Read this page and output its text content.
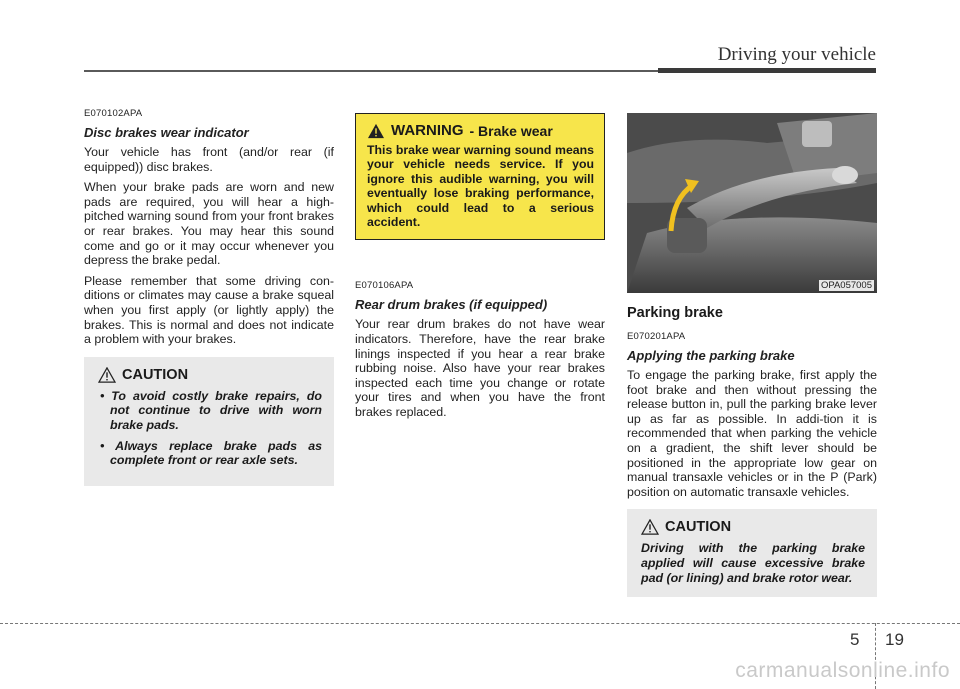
Driving your vehicle

E070102APA

Disc brakes wear indicator

Your vehicle has front (and/or rear (if equipped)) disc brakes.

When your brake pads are worn and new pads are required, you will hear a high-pitched warning sound from your front brakes or rear brakes. You may hear this sound come and go or it may occur whenever you depress the brake pedal.

Please remember that some driving con-ditions or climates may cause a brake squeal when you first apply (or lightly apply) the brakes. This is normal and does not indicate a problem with your brakes.

CAUTION

• To avoid costly brake repairs, do not continue to drive with worn brake pads.
• Always replace brake pads as complete front or rear axle sets.

WARNING - Brake wear

This brake wear warning sound means your vehicle needs service. If you ignore this audible warning, you will eventually lose braking performance, which could lead to a serious accident.

E070106APA

Rear drum brakes (if equipped)

Your rear drum brakes do not have wear indicators. Therefore, have the rear brake linings inspected if you hear a rear brake rubbing noise. Also have your rear brakes inspected each time you change or rotate your tires and when you have the front brakes replaced.

OPA057005

Parking brake

E070201APA

Applying the parking brake

To engage the parking brake, first apply the foot brake and then without pressing the release button in, pull the parking brake lever up as far as possible. In addi-tion it is recommended that when parking the vehicle on a gradient, the shift lever should be positioned in the appropriate low gear on manual transaxle vehicles or in the P (Park) position on automatic transaxle vehicles.

CAUTION

Driving with the parking brake applied will cause excessive brake pad (or lining) and brake rotor wear.

5 19
carmanualsonline.info
